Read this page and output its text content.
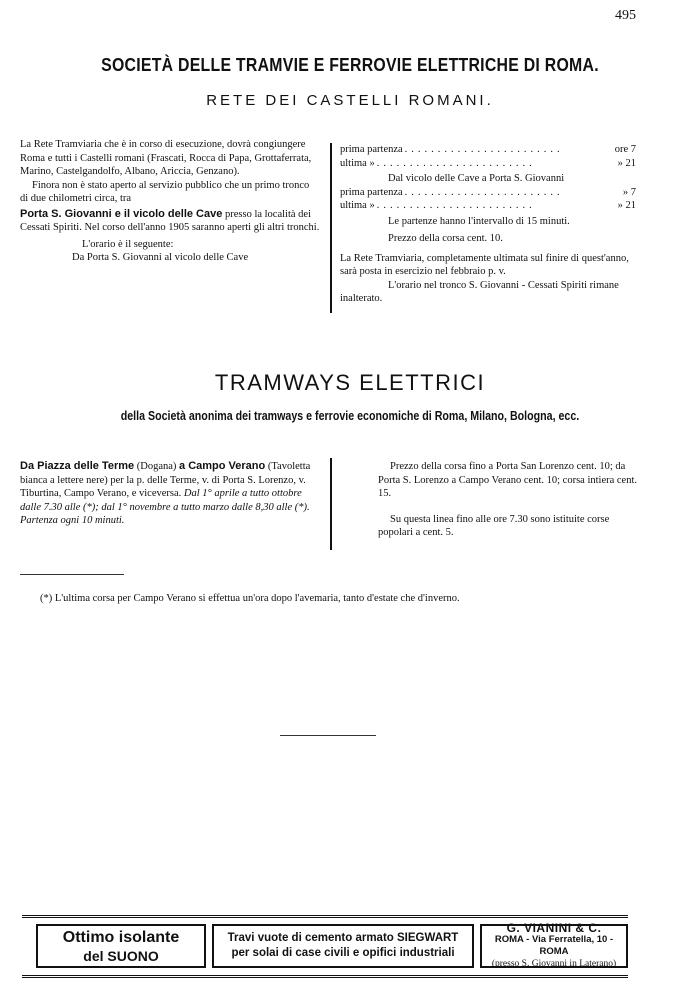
495
SOCIETÀ DELLE TRAMVIE E FERROVIE ELETTRICHE DI ROMA.
RETE DEI CASTELLI ROMANI.

La Rete Tramviaria che è in corso di esecuzione, dovrà congiungere Roma e tutti i Castelli romani (Frascati, Rocca di Papa, Grottaferrata, Marino, Castelgandolfo, Albano, Ariccia, Genzano).

Finora non è stato aperto al servizio pubblico che un primo tronco di due chilometri circa, tra

Porta S. Giovanni e il vicolo delle Cave presso la località dei Cessati Spiriti. Nel corso dell'anno 1905 saranno aperti gli altri tronchi.

L'orario è il seguente:

Da Porta S. Giovanni al vicolo delle Cave

prima partenza ........................	ore 7
ultima » ........................	» 21

Dal vicolo delle Cave a Porta S. Giovanni

prima partenza ........................	» 7
ultima » ........................	» 21

Le partenze hanno l'intervallo di 15 minuti.

Prezzo della corsa cent. 10.

La Rete Tramviaria, completamente ultimata sul finire di quest'anno, sarà posta in esercizio nel febbraio p. v.

L'orario nel tronco S. Giovanni - Cessati Spiriti rimane inalterato.

TRAMWAYS ELETTRICI
della Società anonima dei tramways e ferrovie economiche di Roma, Milano, Bologna, ecc.

Da Piazza delle Terme (Dogana) a Campo Verano (Tavoletta bianca a lettere nere) per la p. delle Terme, v. di Porta S. Lorenzo, v. Tiburtina, Campo Verano, e viceversa. Dal 1° aprile a tutto ottobre dalle 7.30 alle (*); dal 1° novembre a tutto marzo dalle 8,30 alle (*). Partenza ogni 10 minuti.

Prezzo della corsa fino a Porta San Lorenzo cent. 10; da Porta S. Lorenzo a Campo Verano cent. 10; corsa intiera cent. 15.

Su questa linea fino alle ore 7.30 sono istituite corse popolari a cent. 5.

(*) L'ultima corsa per Campo Verano si effettua un'ora dopo l'avemaria, tanto d'estate che d'inverno.
Ottimo isolante
del SUONO
Travi vuote di cemento armato SIEGWART
per solai di case civili e opifici industriali
G. VIANINI & C.
ROMA - Via Ferratella, 10 - ROMA
(presso S. Giovanni in Laterano)
